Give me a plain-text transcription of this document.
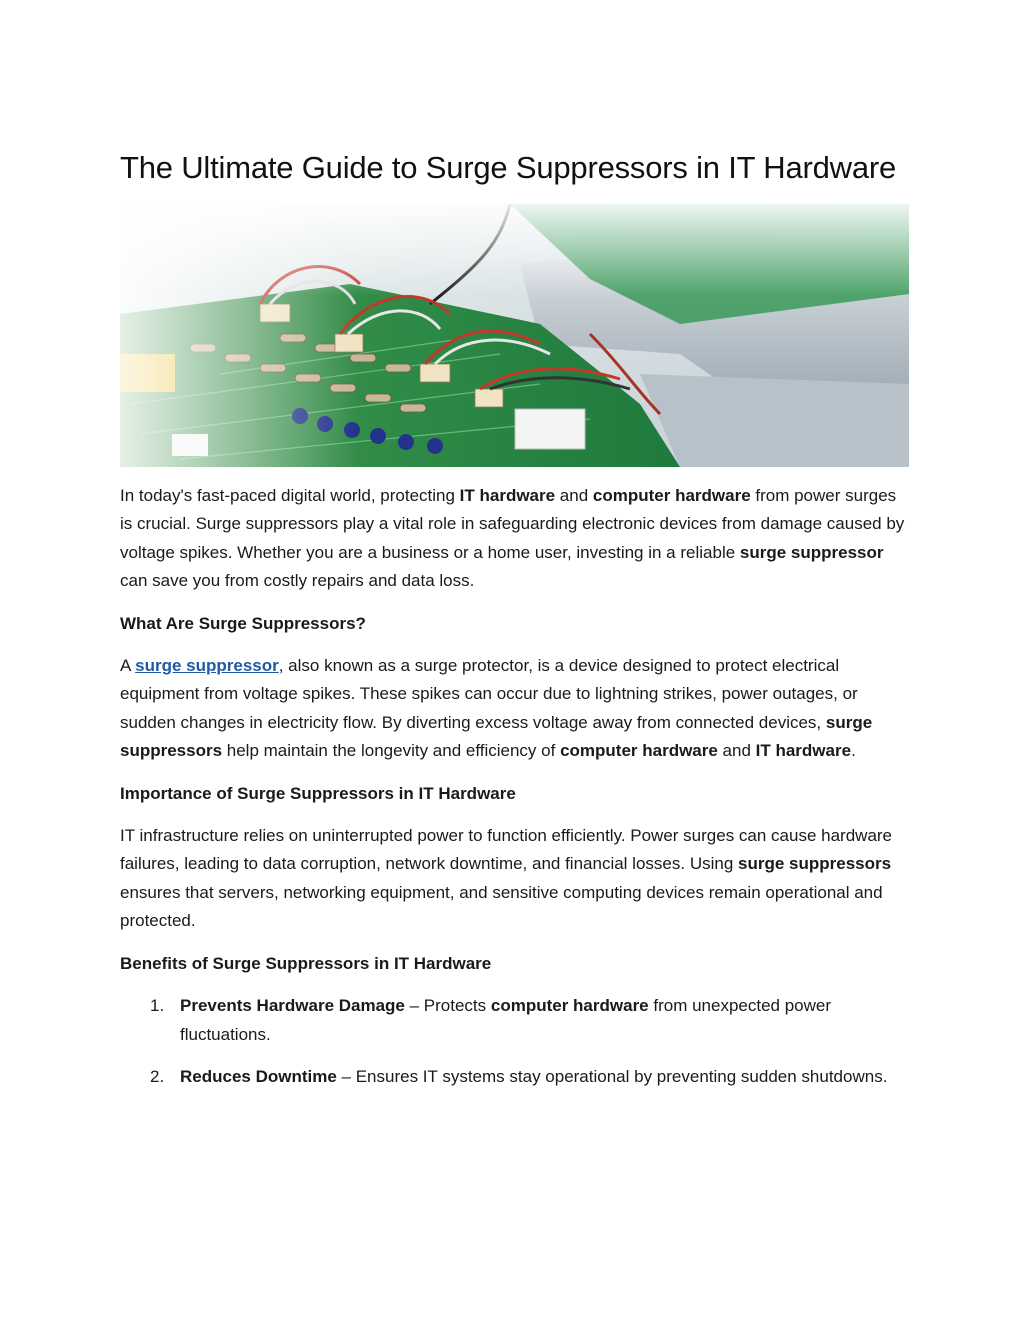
The Ultimate Guide to Surge Suppressors in IT Hardware

In today's fast-paced digital world, protecting IT hardware and computer hardware from power surges is crucial. Surge suppressors play a vital role in safeguarding electronic devices from damage caused by voltage spikes. Whether you are a business or a home user, investing in a reliable surge suppressor can save you from costly repairs and data loss.

What Are Surge Suppressors?

A surge suppressor, also known as a surge protector, is a device designed to protect electrical equipment from voltage spikes. These spikes can occur due to lightning strikes, power outages, or sudden changes in electricity flow. By diverting excess voltage away from connected devices, surge suppressors help maintain the longevity and efficiency of computer hardware and IT hardware.

Importance of Surge Suppressors in IT Hardware

IT infrastructure relies on uninterrupted power to function efficiently. Power surges can cause hardware failures, leading to data corruption, network downtime, and financial losses. Using surge suppressors ensures that servers, networking equipment, and sensitive computing devices remain operational and protected.

Benefits of Surge Suppressors in IT Hardware

1. Prevents Hardware Damage – Protects computer hardware from unexpected power fluctuations.
2. Reduces Downtime – Ensures IT systems stay operational by preventing sudden shutdowns.
